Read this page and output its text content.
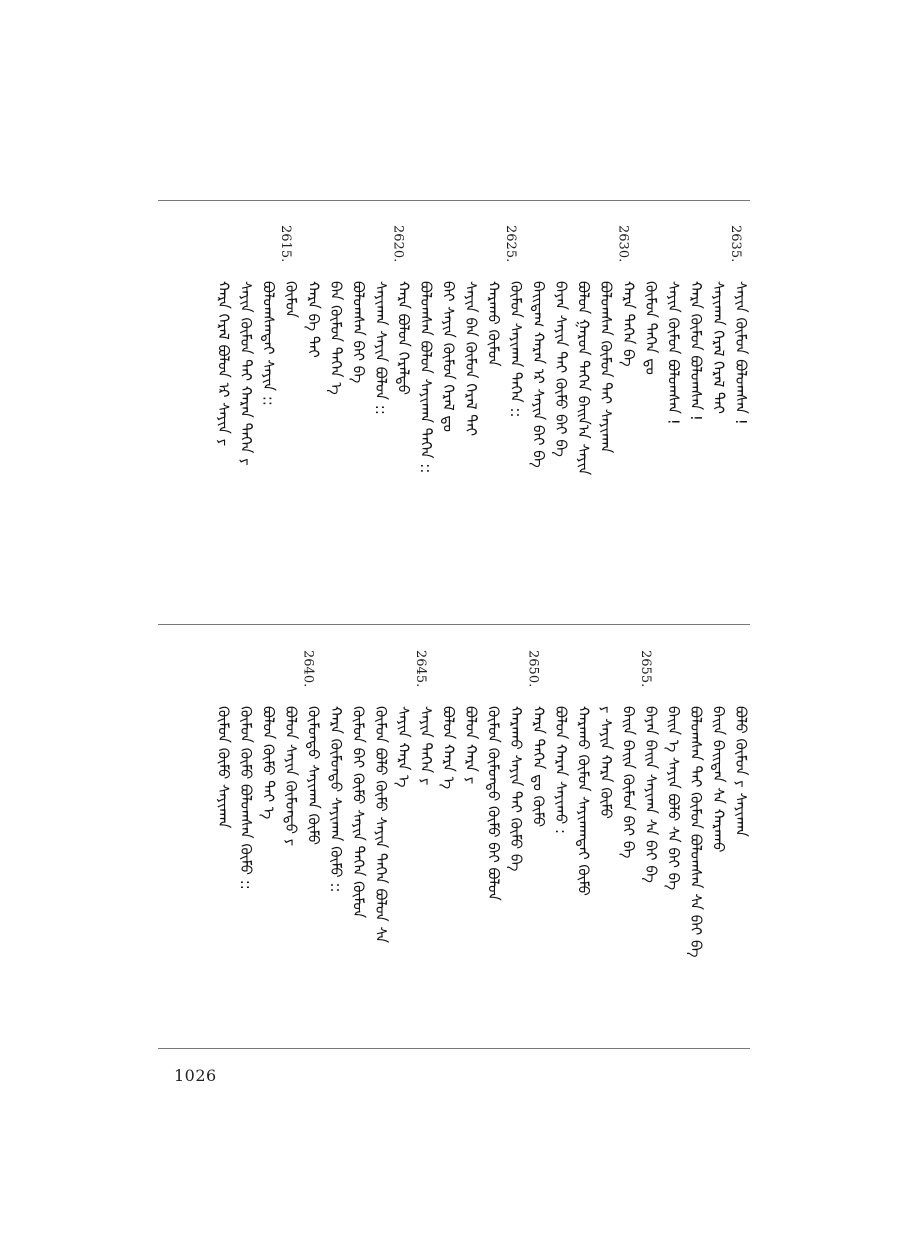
2635.
ᠰᠠᠶᠢᠨ ᠬᠦᠮᠦᠨ ᠪᠣᠯᠣᠭᠰᠠᠨ !
ᠰᠠᠶᠢᠬᠠᠨ ᠭᠡᠷᠡᠯ ᠭᠡᠷᠡᠯ ᠲᠡᠢ
ᠬᠠᠷᠠ ᠬᠦᠮᠦᠨ ᠪᠣᠯᠣᠭᠰᠠᠨ !
ᠰᠠᠶᠢᠨ ᠬᠦᠮᠦᠨ ᠪᠣᠯᠣᠭᠰᠠᠨ !
ᠬᠦᠮᠦᠨ ᠲᠡᠭᠡᠨ ᠳᠤ
2630.
ᠬᠠᠷᠠ ᠲᠡᠭᠡᠨ ᠪᠠ
ᠪᠣᠯᠣᠭᠰᠠᠨ ᠬᠦᠮᠦᠨ ᠲᠡᠢ ᠰᠠᠶᠢᠬᠠᠨ
ᠪᠣᠯᠣᠨ ᠭᠠᠷᠤᠨ ᠲᠡᠭᠡᠨ ᠪᠠᠢᠨ᠎ᠠ ᠰᠠᠶᠢᠨ
ᠪᠠᠶᠠᠨ ᠰᠠᠶᠢᠨ ᠲᠡᠢ ᠬᠦᠮᠦ ᠪᠠᠢ ᠪᠠ
ᠪᠠᠢᠳᠠᠭ ᠬᠠᠷᠠᠨ ᠡᠷ ᠰᠠᠶᠢᠨ ᠪᠠᠢ ᠪᠠ
2625.
ᠬᠦᠮᠦᠨ ᠰᠠᠶᠢᠬᠠᠨ ᠲᠡᠭᠡᠨ ::
ᠬᠠᠷᠠᠬᠤ ᠬᠦᠮᠦᠨ
ᠰᠠᠶᠢᠨ ᠪᠠᠨ ᠬᠦᠮᠦᠨ ᠭᠡᠷᠡᠯ ᠲᠡᠢ
ᠪᠠᠢ ᠰᠠᠶᠢᠨ ᠬᠦᠮᠦᠨ ᠭᠡᠷᠡᠯ ᠳᠤ
ᠪᠣᠯᠣᠭᠰᠠᠨ ᠪᠣᠯᠣᠨ ᠰᠠᠶᠢᠬᠠᠨ ᠲᠡᠭᠡᠨ ::
2620.
ᠬᠠᠷᠠ ᠪᠣᠯᠣᠨ ᠭᠡᠷᠡᠯᠲᠦ
ᠰᠠᠶᠢᠬᠠᠨ ᠰᠠᠶᠢᠨ ᠪᠣᠯᠣᠨ ::
ᠪᠣᠯᠣᠭᠰᠠᠨ ᠪᠠᠢ ᠪᠠ
ᠪᠠᠨ ᠬᠦᠮᠦᠨ ᠲᠡᠭᠡᠨ ᠡ
ᠬᠠᠷᠠ ᠪᠠ ᠲᠡᠢ
2615.
ᠬᠦᠮᠦᠨ
ᠪᠣᠯᠣᠭᠰᠠᠨᠲᠠᠢ ᠰᠠᠶᠢᠨ ::
ᠰᠠᠶᠢᠨ ᠬᠦᠮᠦᠨ ᠲᠡᠢ ᠬᠠᠷᠠᠨ ᠲᠡᠭᠡᠨ ᠶ
ᠬᠠᠷᠠ ᠭᠡᠷᠡᠯ ᠪᠣᠯᠣᠨ ᠡᠷ ᠰᠠᠶᠢᠨ ᠶ
ᠪᠣᠯᠣ ᠬᠦᠮᠦᠨ ᠶ ᠰᠠᠶᠢᠬᠠᠨ
ᠪᠠᠢᠨ ᠪᠠᠢᠳᠠᠨ ᠰᠠ ᠬᠠᠷᠠᠬᠤ
ᠪᠣᠯᠣᠭᠰᠠᠨ ᠲᠡᠢ ᠬᠦᠮᠦᠨ ᠪᠣᠯᠣᠭᠰᠠᠨ ᠰᠠ ᠪᠠᠢ ᠪᠠ
ᠪᠠᠢᠨ ᠡ ᠰᠠᠶᠢᠨ ᠪᠣᠯᠣ ᠰᠠ ᠪᠠᠢ ᠪᠠ
2655.
ᠪᠠᠶᠠᠨ ᠪᠠᠢᠨ ᠰᠠᠶᠢᠬᠠ ᠰᠠ ᠪᠠᠢ ᠪᠠ
ᠪᠠᠢᠨ ᠪᠠᠢᠨ ᠬᠦᠮᠦᠨ ᠪᠠᠢ ᠪᠠ
ᠶ ᠰᠠᠶᠢᠨ ᠬᠠᠷᠠ ᠬᠦᠮᠦ
ᠬᠠᠷᠠᠬᠤ ᠬᠦᠮᠦᠨ ᠰᠠᠶᠢᠬᠠᠨᠲᠠᠢ ᠬᠦᠮᠦ
ᠪᠣᠯᠣᠨ ᠬᠠᠷᠠᠨ ᠰᠠᠶᠢᠬᠤ :
2650.
ᠬᠠᠷᠠ ᠲᠡᠭᠡᠨ ᠳᠤ ᠬᠦᠮᠦ
ᠬᠠᠷᠠᠬᠤ ᠰᠠᠶᠢᠨ ᠲᠡᠢ ᠬᠦᠮᠦ ᠪᠠ
ᠬᠦᠮᠦᠨ ᠬᠦᠮᠦᠨᠲᠦ ᠬᠦᠮᠦ ᠪᠠᠢ ᠪᠣᠯᠣᠨ
ᠪᠣᠯᠣᠨ ᠬᠠᠷᠠ ᠶ
ᠪᠣᠯᠣᠨ ᠬᠠᠷᠠ ᠡ
2645.
ᠰᠠᠶᠢᠨ ᠲᠡᠭᠡᠨ ᠶ
ᠰᠠᠶᠢᠨ ᠬᠠᠷᠠ ᠡ
ᠬᠦᠮᠦᠨ ᠪᠣᠯᠣ ᠬᠦᠮᠦ ᠰᠠᠶᠢᠨ ᠲᠡᠭᠡᠨ ᠪᠣᠯᠣᠨ ᠰᠠ
ᠬᠦᠮᠦᠨ ᠪᠠᠢ ᠬᠦᠮᠦ ᠰᠠᠶᠢᠨ ᠲᠡᠭᠡᠨ ᠬᠦᠮᠦᠨ
ᠬᠠᠷᠠ ᠬᠦᠮᠦᠨᠲᠦ ᠰᠠᠶᠢᠬᠠᠨ ᠬᠦᠮᠦ ::
2640.
ᠬᠦᠮᠦᠨᠲᠦ ᠰᠠᠶᠢᠬᠠᠨ ᠬᠦᠮᠦ
ᠪᠣᠯᠣᠨ ᠰᠠᠶᠢᠨ ᠬᠦᠮᠦᠨᠲᠦ ᠶ
ᠪᠣᠯᠣᠨ ᠬᠦᠮᠦ ᠲᠡᠢ ᠡ
ᠬᠦᠮᠦᠨ ᠬᠦᠮᠦ ᠪᠣᠯᠣᠭᠰᠠᠨ ᠬᠦᠮᠦ ::
ᠬᠦᠮᠦᠨ ᠬᠦᠮᠦ ᠰᠠᠶᠢᠬᠠᠨ
1026
